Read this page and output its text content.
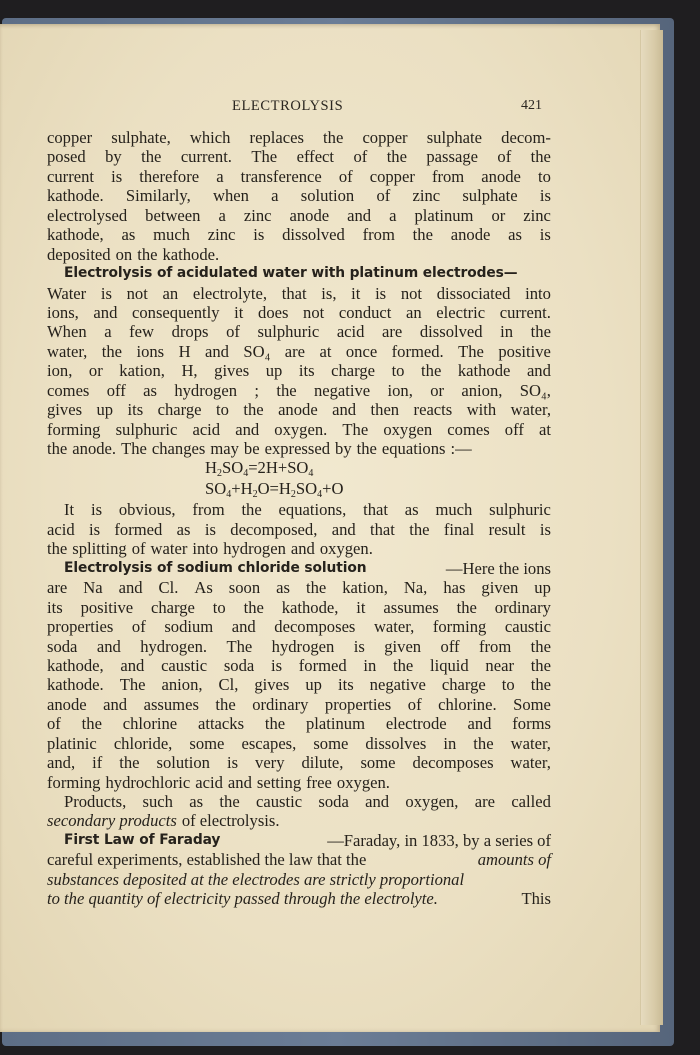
ELECTROLYSIS	421
copper sulphate, which replaces the copper sulphate decom-
posed by the current. The effect of the passage of the
current is therefore a transference of copper from anode to
kathode. Similarly, when a solution of zinc sulphate is
electrolysed between a zinc anode and a platinum or zinc
kathode, as much zinc is dissolved from the anode as is
deposited on the kathode.
Electrolysis of acidulated water with platinum electrodes—
Water is not an electrolyte, that is, it is not dissociated into
ions, and consequently it does not conduct an electric current.
When a few drops of sulphuric acid are dissolved in the
water, the ions H and SO₄ are at once formed. The positive
ion, or kation, H, gives up its charge to the kathode and
comes off as hydrogen ; the negative ion, or anion, SO₄,
gives up its charge to the anode and then reacts with water,
forming sulphuric acid and oxygen. The oxygen comes off at
the anode. The changes may be expressed by the equations :—
$H_2SO_4=2H+SO_4$
$SO_4+H_2O=H_2SO_4+O$
It is obvious, from the equations, that as much sulphuric
acid is formed as is decomposed, and that the final result is
the splitting of water into hydrogen and oxygen.
Electrolysis of sodium chloride solution	—Here the ions
are Na and Cl. As soon as the kation, Na, has given up
its positive charge to the kathode, it assumes the ordinary
properties of sodium and decomposes water, forming caustic
soda and hydrogen. The hydrogen is given off from the
kathode, and caustic soda is formed in the liquid near the
kathode. The anion, Cl, gives up its negative charge to the
anode and assumes the ordinary properties of chlorine. Some
of the chlorine attacks the platinum electrode and forms
platinic chloride, some escapes, some dissolves in the water,
and, if the solution is very dilute, some decomposes water,
forming hydrochloric acid and setting free oxygen.
Products, such as the caustic soda and oxygen, are called
secondary products of electrolysis.
First Law of Faraday	—Faraday, in 1833, by a series of
careful experiments, established the law that the	amounts of
substances deposited at the electrodes are strictly proportional
to the quantity of electricity passed through the electrolyte.	This
